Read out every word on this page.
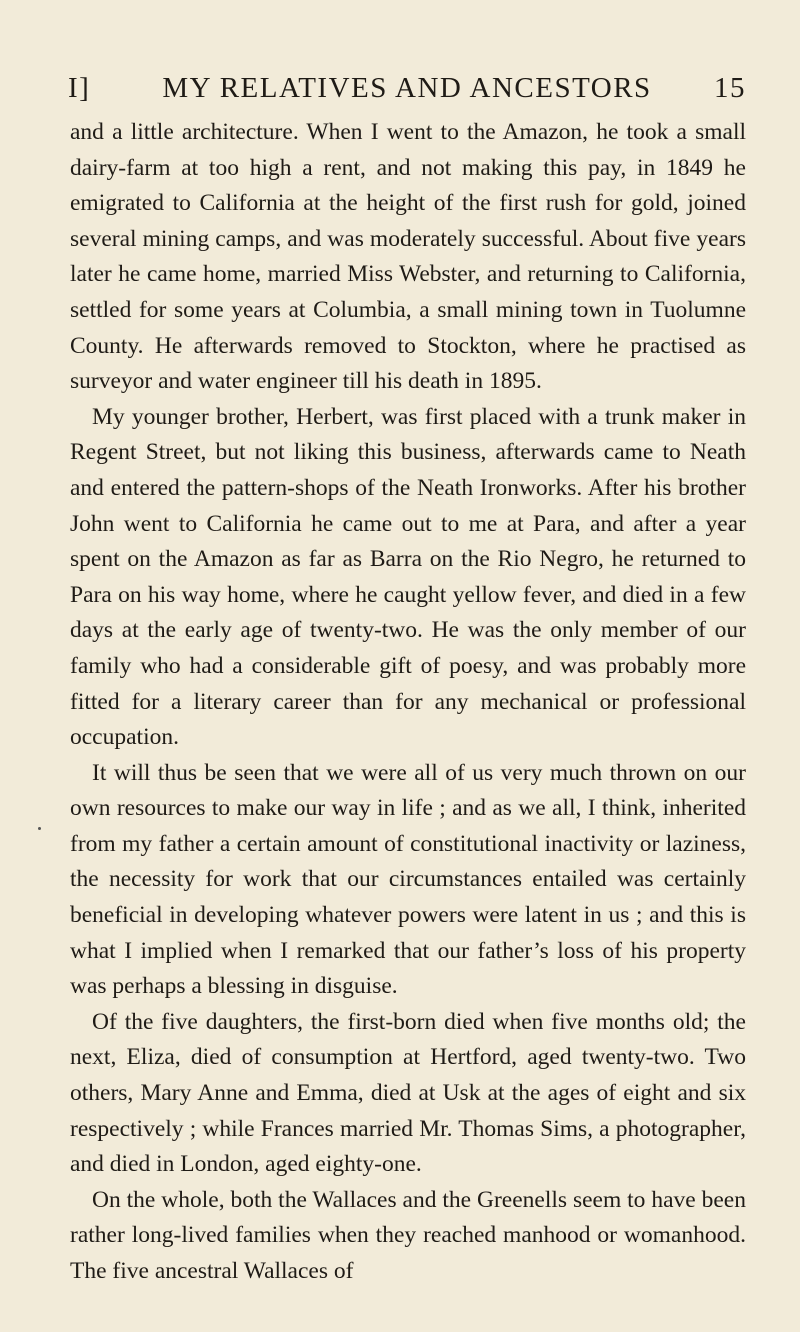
I]	MY RELATIVES AND ANCESTORS	15

and a little architecture. When I went to the Amazon, he took a small dairy-farm at too high a rent, and not making this pay, in 1849 he emigrated to California at the height of the first rush for gold, joined several mining camps, and was moderately successful. About five years later he came home, married Miss Webster, and returning to California, settled for some years at Columbia, a small mining town in Tuolumne County. He afterwards removed to Stockton, where he practised as surveyor and water engineer till his death in 1895.

My younger brother, Herbert, was first placed with a trunk maker in Regent Street, but not liking this business, afterwards came to Neath and entered the pattern-shops of the Neath Ironworks. After his brother John went to California he came out to me at Para, and after a year spent on the Amazon as far as Barra on the Rio Negro, he returned to Para on his way home, where he caught yellow fever, and died in a few days at the early age of twenty-two. He was the only member of our family who had a considerable gift of poesy, and was probably more fitted for a literary career than for any mechanical or professional occupation.

It will thus be seen that we were all of us very much thrown on our own resources to make our way in life ; and as we all, I think, inherited from my father a certain amount of constitutional inactivity or laziness, the necessity for work that our circumstances entailed was certainly beneficial in developing whatever powers were latent in us ; and this is what I implied when I remarked that our father’s loss of his property was perhaps a blessing in disguise.

Of the five daughters, the first-born died when five months old; the next, Eliza, died of consumption at Hertford, aged twenty-two. Two others, Mary Anne and Emma, died at Usk at the ages of eight and six respectively ; while Frances married Mr. Thomas Sims, a photographer, and died in London, aged eighty-one.

On the whole, both the Wallaces and the Greenells seem to have been rather long-lived families when they reached manhood or womanhood. The five ancestral Wallaces of
